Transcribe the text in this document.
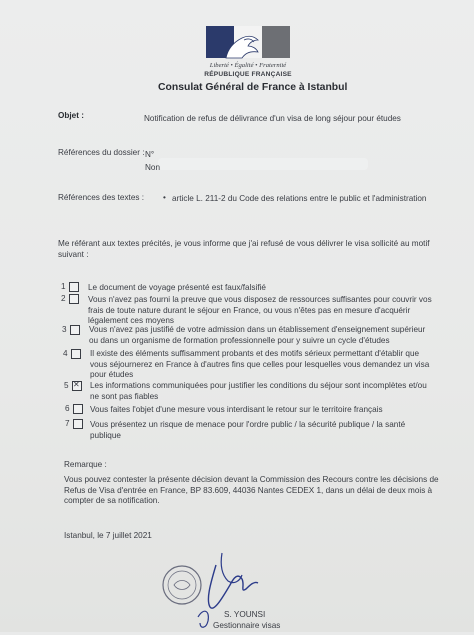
Liberté • Égalité • Fraternité
RÉPUBLIQUE FRANÇAISE
Consulat Général de France à Istanbul
Objet :	Notification de refus de délivrance d'un visa de long séjour pour études
Références du dossier : N°
Non
Références des textes : • article L. 211-2 du Code des relations entre le public et l'administration
Me référant aux textes précités, je vous informe que j'ai refusé de vous délivrer le visa sollicité au motif suivant :
1	Le document de voyage présenté est faux/falsifié
2	Vous n'avez pas fourni la preuve que vous disposez de ressources suffisantes pour couvrir vos frais de toute nature durant le séjour en France, ou vous n'êtes pas en mesure d'acquérir légalement ces moyens
3	Vous n'avez pas justifié de votre admission dans un établissement d'enseignement supérieur ou dans un organisme de formation professionnelle pour y suivre un cycle d'études
4	Il existe des éléments suffisamment probants et des motifs sérieux permettant d'établir que vous séjournerez en France à d'autres fins que celles pour lesquelles vous demandez un visa pour études
5 ✕ Les informations communiquées pour justifier les conditions du séjour sont incomplètes et/ou ne sont pas fiables
6 Vous faites l'objet d'une mesure vous interdisant le retour sur le territoire français
7 Vous présentez un risque de menace pour l'ordre public / la sécurité publique / la santé publique
Remarque :
Vous pouvez contester la présente décision devant la Commission des Recours contre les décisions de Refus de Visa d'entrée en France, BP 83.609, 44036 Nantes CEDEX 1, dans un délai de deux mois à compter de sa notification.
Istanbul, le 7 juillet 2021
S. YOUNSI
Gestionnaire visas
